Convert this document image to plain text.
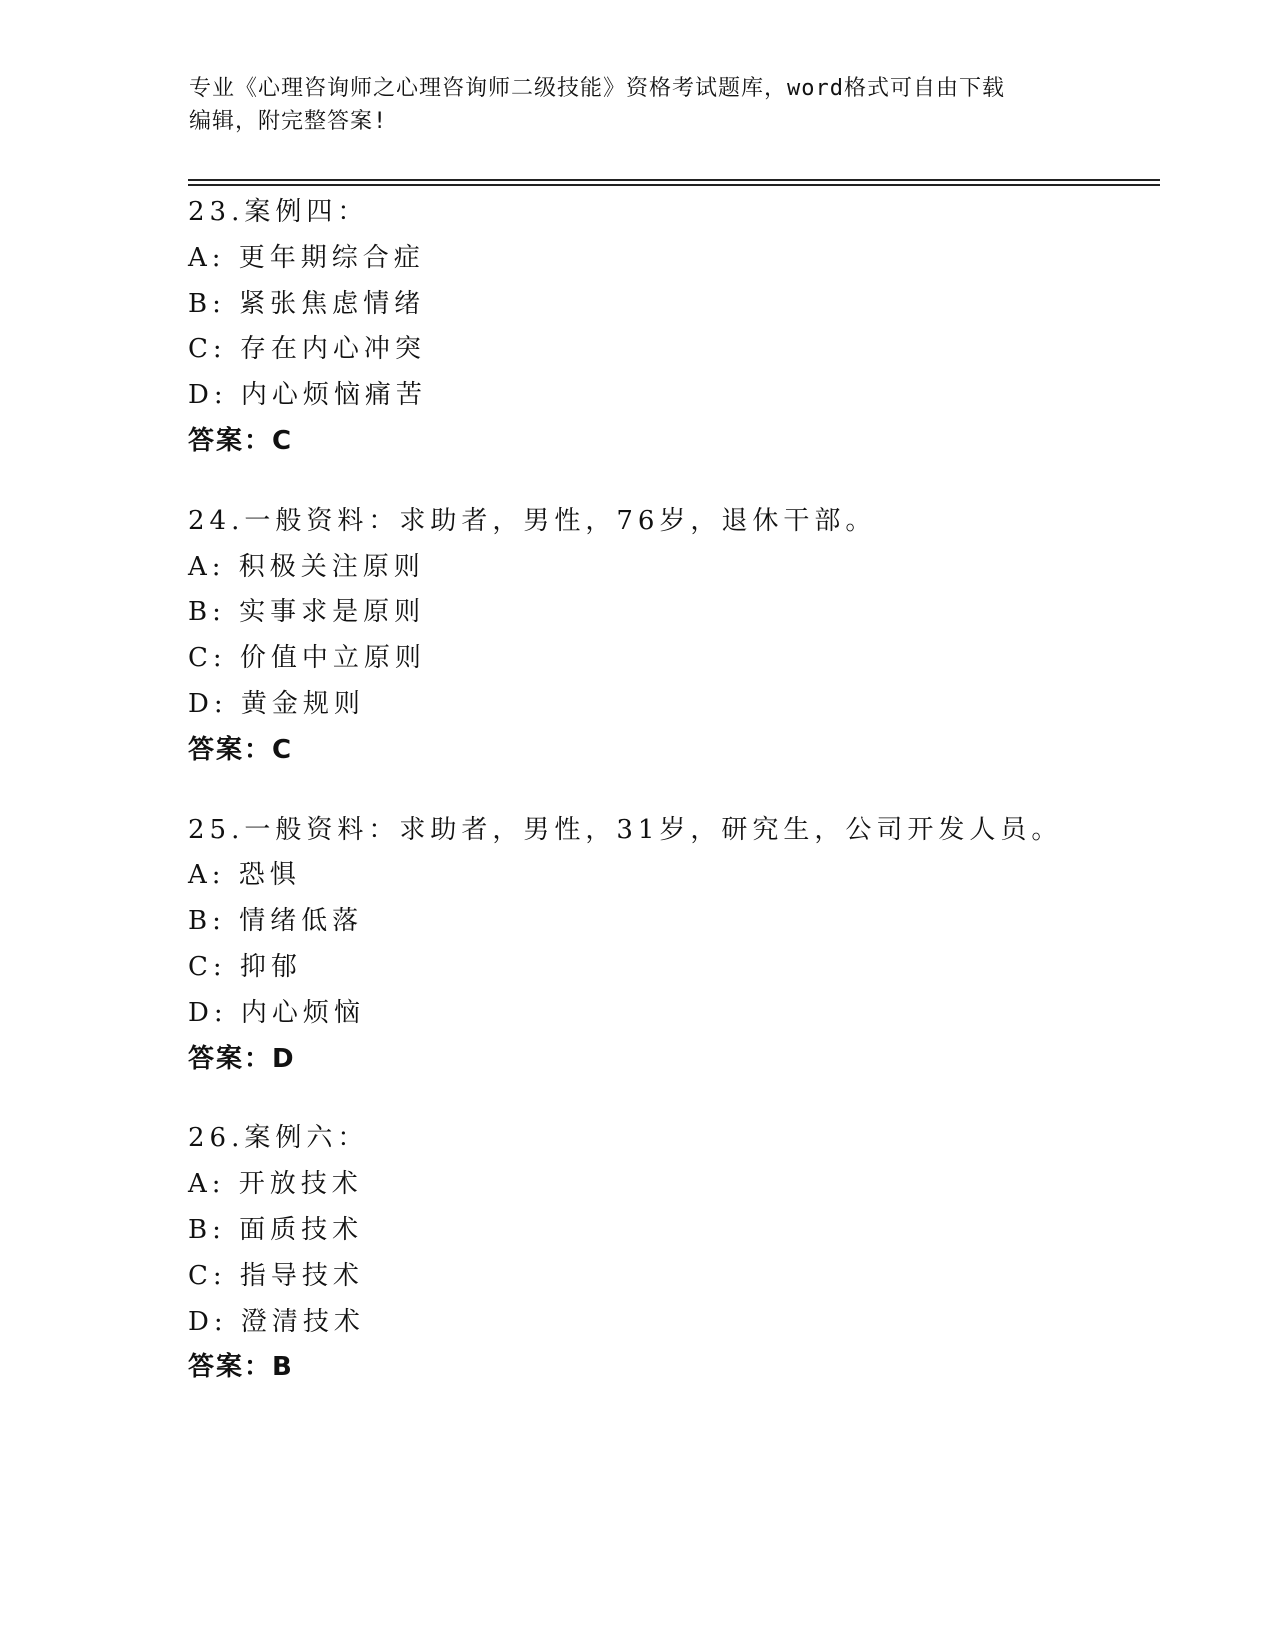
专业《心理咨询师之心理咨询师二级技能》资格考试题库，word格式可自由下载
编辑，附完整答案!
23.案例四：
A: 更年期综合症
B: 紧张焦虑情绪
C: 存在内心冲突
D: 内心烦恼痛苦
答案：C
24.一般资料：求助者，男性，76岁，退休干部。
A: 积极关注原则
B: 实事求是原则
C: 价值中立原则
D: 黄金规则
答案：C
25.一般资料：求助者，男性，31岁，研究生，公司开发人员。
A: 恐惧
B: 情绪低落
C: 抑郁
D: 内心烦恼
答案：D
26.案例六：
A: 开放技术
B: 面质技术
C: 指导技术
D: 澄清技术
答案：B
